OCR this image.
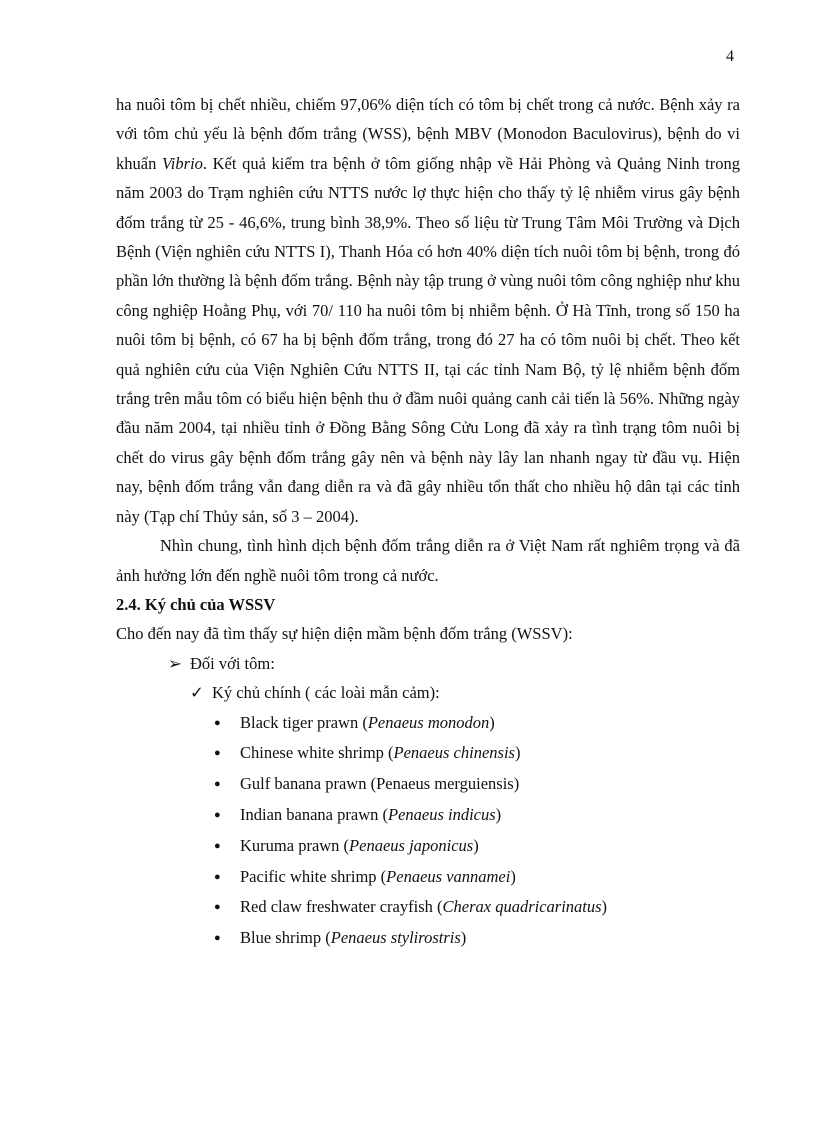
4

ha nuôi tôm bị chết nhiều, chiếm 97,06% diện tích có tôm bị chết trong cả nước. Bệnh xảy ra với tôm chủ yếu là bệnh đốm trắng (WSS), bệnh MBV (Monodon Baculovirus), bệnh do vi khuẩn Vibrio. Kết quả kiểm tra bệnh ở tôm giống nhập về Hải Phòng và Quảng Ninh trong năm 2003 do Trạm nghiên cứu NTTS nước lợ thực hiện cho thấy tỷ lệ nhiễm virus gây bệnh đốm trắng từ 25 - 46,6%, trung bình 38,9%. Theo số liệu từ Trung Tâm Môi Trường và Dịch Bệnh (Viện nghiên cứu NTTS I), Thanh Hóa có hơn 40% diện tích nuôi tôm bị bệnh, trong đó phần lớn thường là bệnh đốm trắng. Bệnh này tập trung ở vùng nuôi tôm công nghiệp như khu công nghiệp Hoằng Phụ, với 70/ 110 ha nuôi tôm bị nhiễm bệnh. Ở Hà Tĩnh, trong số 150 ha nuôi tôm bị bệnh, có 67 ha bị bệnh đốm trắng, trong đó 27 ha có tôm nuôi bị chết. Theo kết quả nghiên cứu của Viện Nghiên Cứu NTTS II, tại các tỉnh Nam Bộ, tỷ lệ nhiễm bệnh đốm trắng trên mẫu tôm có biểu hiện bệnh thu ở đầm nuôi quảng canh cải tiến là 56%. Những ngày đầu năm 2004, tại nhiều tỉnh ở Đồng Bằng Sông Cửu Long đã xảy ra tình trạng tôm nuôi bị chết do virus gây bệnh đốm trắng gây nên và bệnh này lây lan nhanh ngay từ đầu vụ. Hiện nay, bệnh đốm trắng vẫn đang diễn ra và đã gây nhiều tổn thất cho nhiều hộ dân tại các tỉnh này (Tạp chí Thủy sản, số 3 – 2004).

Nhìn chung, tình hình dịch bệnh đốm trắng diễn ra ở Việt Nam rất nghiêm trọng và đã ảnh hưởng lớn đến nghề nuôi tôm trong cả nước.

2.4. Ký chủ của WSSV

Cho đến nay đã tìm thấy sự hiện diện mầm bệnh đốm trắng (WSSV):

➢ Đối với tôm:
✓ Ký chủ chính ( các loài mẫn cảm):
●	Black tiger prawn (Penaeus monodon)
●	Chinese white shrimp (Penaeus chinensis)
●	Gulf banana prawn (Penaeus merguiensis)
●	Indian banana prawn (Penaeus indicus)
●	Kuruma prawn (Penaeus japonicus)
●	Pacific white shrimp (Penaeus vannamei)
●	Red claw freshwater crayfish (Cherax quadricarinatus)
●	Blue shrimp (Penaeus stylirostris)
